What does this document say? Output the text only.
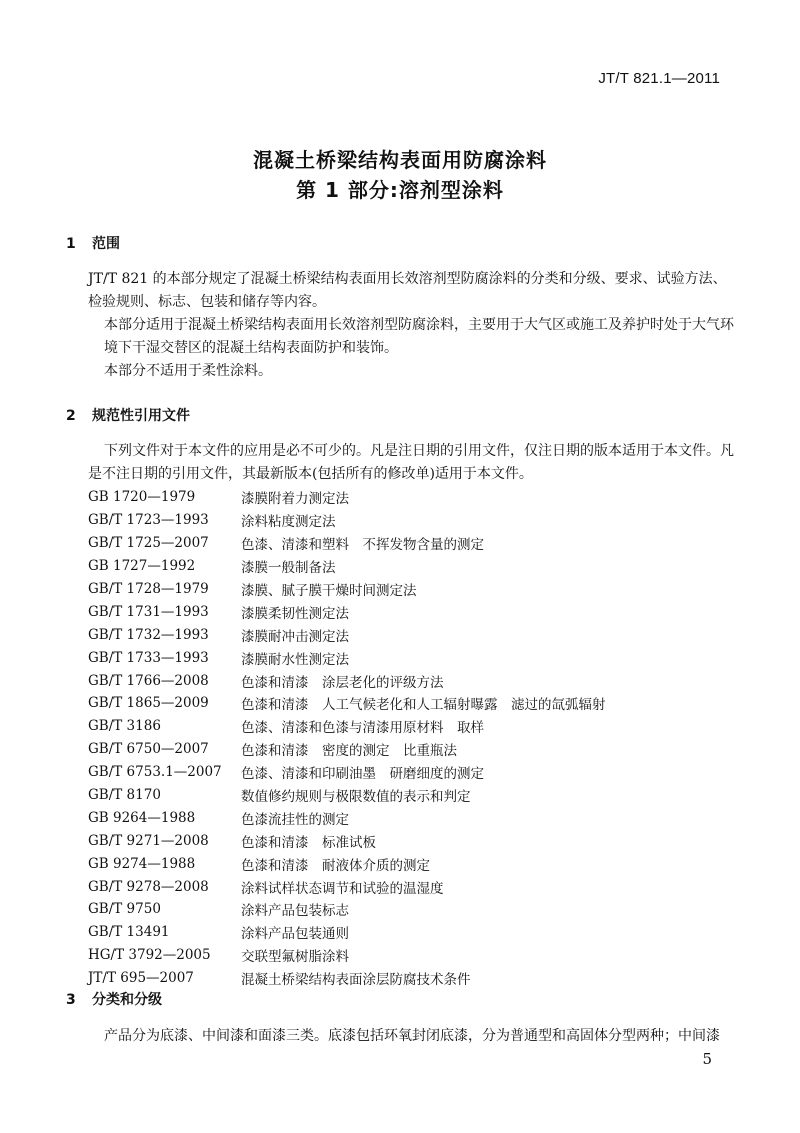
JT/T 821.1—2011
混凝土桥梁结构表面用防腐涂料
第 1 部分:溶剂型涂料
1 范围

JT/T 821 的本部分规定了混凝土桥梁结构表面用长效溶剂型防腐涂料的分类和分级、要求、试验方法、检验规则、标志、包装和储存等内容。

本部分适用于混凝土桥梁结构表面用长效溶剂型防腐涂料，主要用于大气区或施工及养护时处于大气环境下干湿交替区的混凝土结构表面防护和装饰。

本部分不适用于柔性涂料。

2 规范性引用文件

下列文件对于本文件的应用是必不可少的。凡是注日期的引用文件，仅注日期的版本适用于本文件。凡是不注日期的引用文件，其最新版本(包括所有的修改单)适用于本文件。

GB 1720—1979	漆膜附着力测定法
GB/T 1723—1993	涂料粘度测定法
GB/T 1725—2007	色漆、清漆和塑料　不挥发物含量的测定
GB 1727—1992	漆膜一般制备法
GB/T 1728—1979	漆膜、腻子膜干燥时间测定法
GB/T 1731—1993	漆膜柔韧性测定法
GB/T 1732—1993	漆膜耐冲击测定法
GB/T 1733—1993	漆膜耐水性测定法
GB/T 1766—2008	色漆和清漆　涂层老化的评级方法
GB/T 1865—2009	色漆和清漆　人工气候老化和人工辐射曝露　滤过的氙弧辐射
GB/T 3186	色漆、清漆和色漆与清漆用原材料　取样
GB/T 6750—2007	色漆和清漆　密度的测定　比重瓶法
GB/T 6753.1—2007	色漆、清漆和印刷油墨　研磨细度的测定
GB/T 8170	数值修约规则与极限数值的表示和判定
GB 9264—1988	色漆流挂性的测定
GB/T 9271—2008	色漆和清漆　标准试板
GB 9274—1988	色漆和清漆　耐液体介质的测定
GB/T 9278—2008	涂料试样状态调节和试验的温湿度
GB/T 9750	涂料产品包装标志
GB/T 13491	涂料产品包装通则
HG/T 3792—2005	交联型氟树脂涂料
JT/T 695—2007	混凝土桥梁结构表面涂层防腐技术条件
3 分类和分级

产品分为底漆、中间漆和面漆三类。底漆包括环氧封闭底漆，分为普通型和高固体分型两种；中间漆

5
